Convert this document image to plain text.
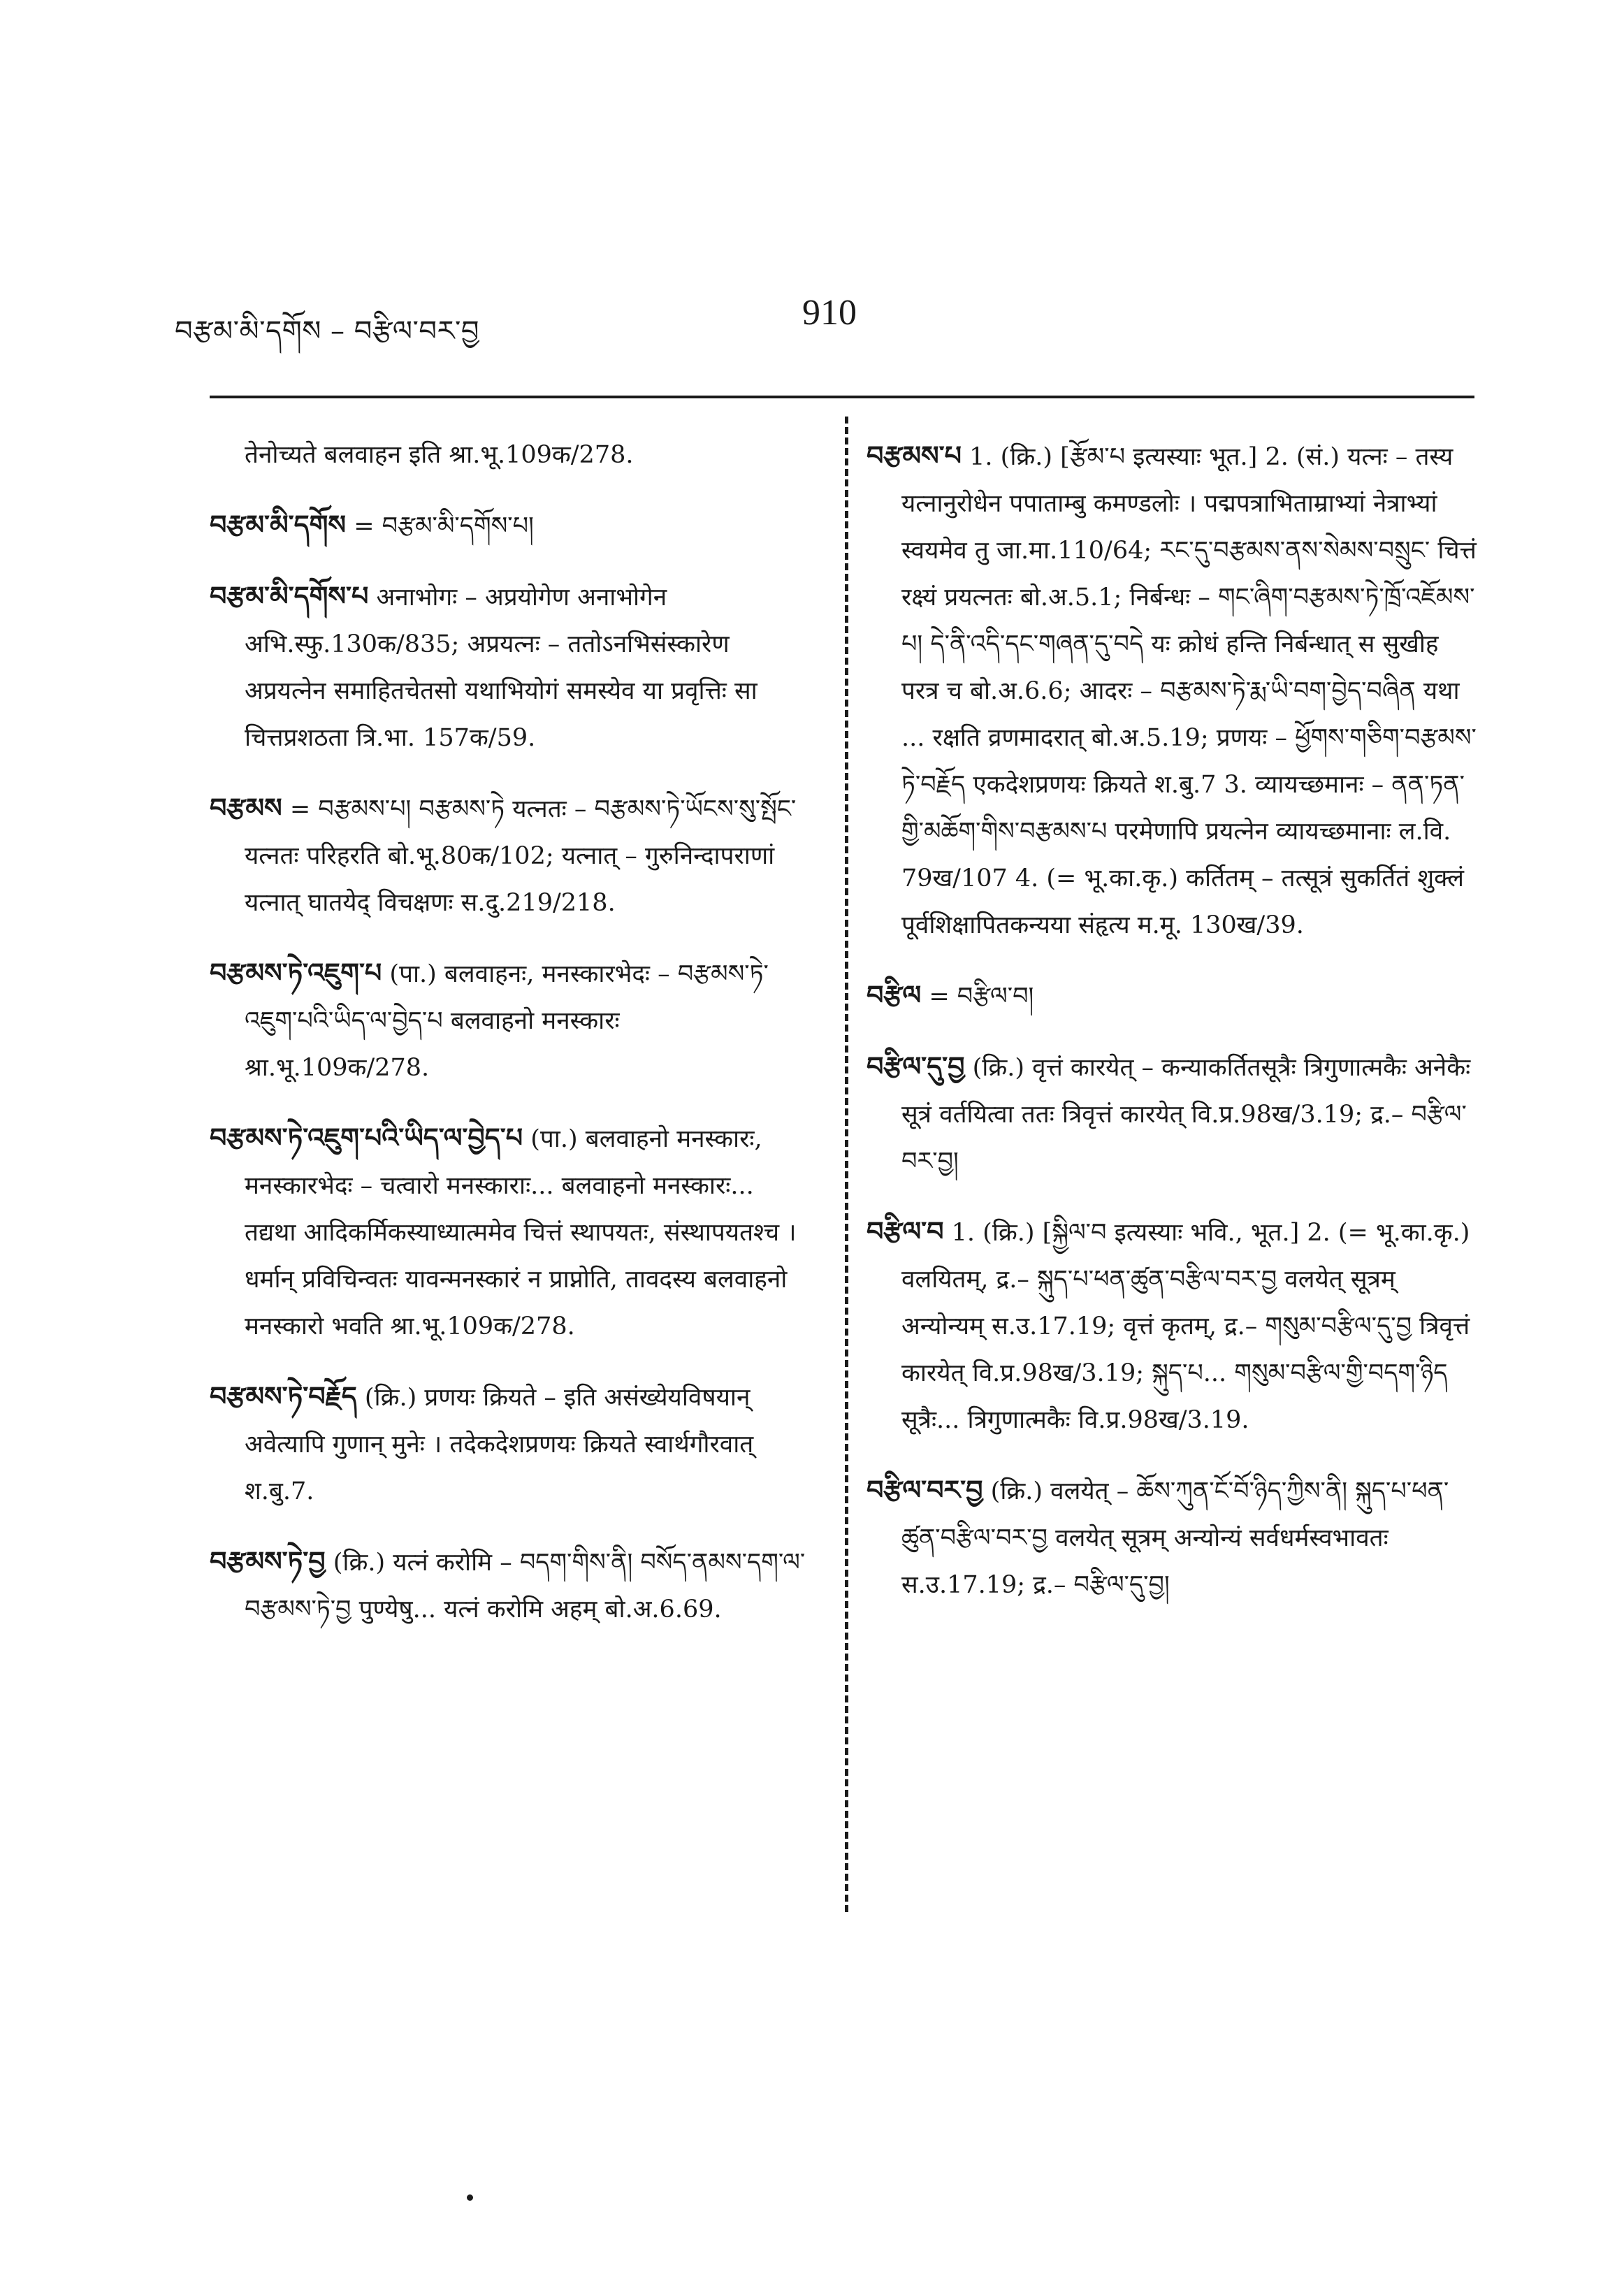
བརྩམ་མི་དགོས – བརྩིལ་བར་བྱ	910

तेनोच्यते बलवाहन इति श्रा.भू.109क/278.

བརྩམ་མི་དགོས = བརྩམ་མི་དགོས་པ།

བརྩམ་མི་དགོས་པ अनाभोगः – अप्रयोगेण अनाभोगेन अभि.स्फु.130क/835; अप्रयत्नः – ततोऽनभिसंस्कारेण अप्रयत्नेन समाहितचेतसो यथाभियोगं समस्येव या प्रवृत्तिः सा चित्तप्रशठता त्रि.भा. 157क/59.

བརྩམས = བརྩམས་པ། བརྩམས་ཏེ यत्नतः – བརྩམས་ཏེ་ཡོངས་སུ་སྤོང་ यत्नतः परिहरति बो.भू.80क/102; यत्नात् – गुरुनिन्दापराणां यत्नात् घातयेद् विचक्षणः स.दु.219/218.

བརྩམས་ཏེ་འཇུག་པ (पा.) बलवाहनः, मनस्कारभेदः – བརྩམས་ཏེ་འཇུག་པའི་ཡིད་ལ་བྱེད་པ बलवाहनो मनस्कारः श्रा.भू.109क/278.

བརྩམས་ཏེ་འཇུག་པའི་ཡིད་ལ་བྱེད་པ (पा.) बलवाहनो मनस्कारः, मनस्कारभेदः – चत्वारो मनस्काराः... बलवाहनो मनस्कारः... तद्यथा आदिकर्मिकस्याध्यात्ममेव चित्तं स्थापयतः, संस्थापयतश्च । धर्मान् प्रविचिन्वतः यावन्मनस्कारं न प्राप्नोति, तावदस्य बलवाहनो मनस्कारो भवति श्रा.भू.109क/278.

བརྩམས་ཏེ་བརྗོད (क्रि.) प्रणयः क्रियते – इति असंख्येयविषयान् अवेत्यापि गुणान् मुनेः । तदेकदेशप्रणयः क्रियते स्वार्थगौरवात् श.बु.7.

བརྩམས་ཏེ་བྱ (क्रि.) यत्नं करोमि – བདག་གིས་ནི། བསོད་ནམས་དག་ལ་བརྩམས་ཏེ་བྱ पुण्येषु... यत्नं करोमि अहम् बो.अ.6.69.

བརྩམས་པ 1. (क्रि.) [རྩོམ་པ इत्यस्याः भूत.] 2. (सं.) यत्नः – तस्य यत्नानुरोधेन पपाताम्बु कमण्डलोः । पद्मपत्राभिताम्राभ्यां नेत्राभ्यां स्वयमेव तु जा.मा.110/64; རང་དུ་བརྩམས་ནས་སེམས་བསྲུང་ चित्तं रक्ष्यं प्रयत्नतः बो.अ.5.1; निर्बन्धः – གང་ཞིག་བརྩམས་ཏེ་ཁྲོ་འཇོམས་པ། དེ་ནི་འདི་དང་གཞན་དུ་བདེ यः क्रोधं हन्ति निर्बन्धात् स सुखीह परत्र च बो.अ.6.6; आदरः – བརྩམས་ཏེ་རྨ་ཡི་བག་བྱེད་བཞིན यथा ... रक्षति व्रणमादरात् बो.अ.5.19; प्रणयः – ཕྱོགས་གཅིག་བརྩམས་ཏེ་བརྗོད एकदेशप्रणयः क्रियते श.बु.7 3. व्यायच्छमानः – ནན་ཏན་གྱི་མཆོག་གིས་བརྩམས་པ परमेणापि प्रयत्नेन व्यायच्छमानाः ल.वि. 79ख/107 4. (= भू.का.कृ.) कर्तितम् – तत्सूत्रं सुकर्तितं शुक्लं पूर्वशिक्षापितकन्यया संहृत्य म.मू. 130ख/39.

བརྩིལ = བརྩིལ་བ།

བརྩིལ་དུ་བྱ (क्रि.) वृत्तं कारयेत् – कन्याकर्तितसूत्रैः त्रिगुणात्मकैः अनेकैः सूत्रं वर्तयित्वा ततः त्रिवृत्तं कारयेत् वि.प्र.98ख/3.19; द्र.– བརྩིལ་བར་བྱ།

བརྩིལ་བ 1. (क्रि.) [སྐྱིལ་བ इत्यस्याः भवि., भूत.] 2. (= भू.का.कृ.) वलयितम्, द्र.– སྐུད་པ་ཕན་ཚུན་བརྩིལ་བར་བྱ वलयेत् सूत्रम् अन्योन्यम् स.उ.17.19; वृत्तं कृतम्, द्र.– གསུམ་བརྩིལ་དུ་བྱ त्रिवृत्तं कारयेत् वि.प्र.98ख/3.19; སྐུད་པ... གསུམ་བརྩིལ་གྱི་བདག་ཉིད सूत्रैः... त्रिगुणात्मकैः वि.प्र.98ख/3.19.

བརྩིལ་བར་བྱ (क्रि.) वलयेत् – ཆོས་ཀུན་ངོ་བོ་ཉིད་ཀྱིས་ནི། སྐུད་པ་ཕན་ཚུན་བརྩིལ་བར་བྱ वलयेत् सूत्रम् अन्योन्यं सर्वधर्मस्वभावतः स.उ.17.19; द्र.– བརྩིལ་དུ་བྱ།
